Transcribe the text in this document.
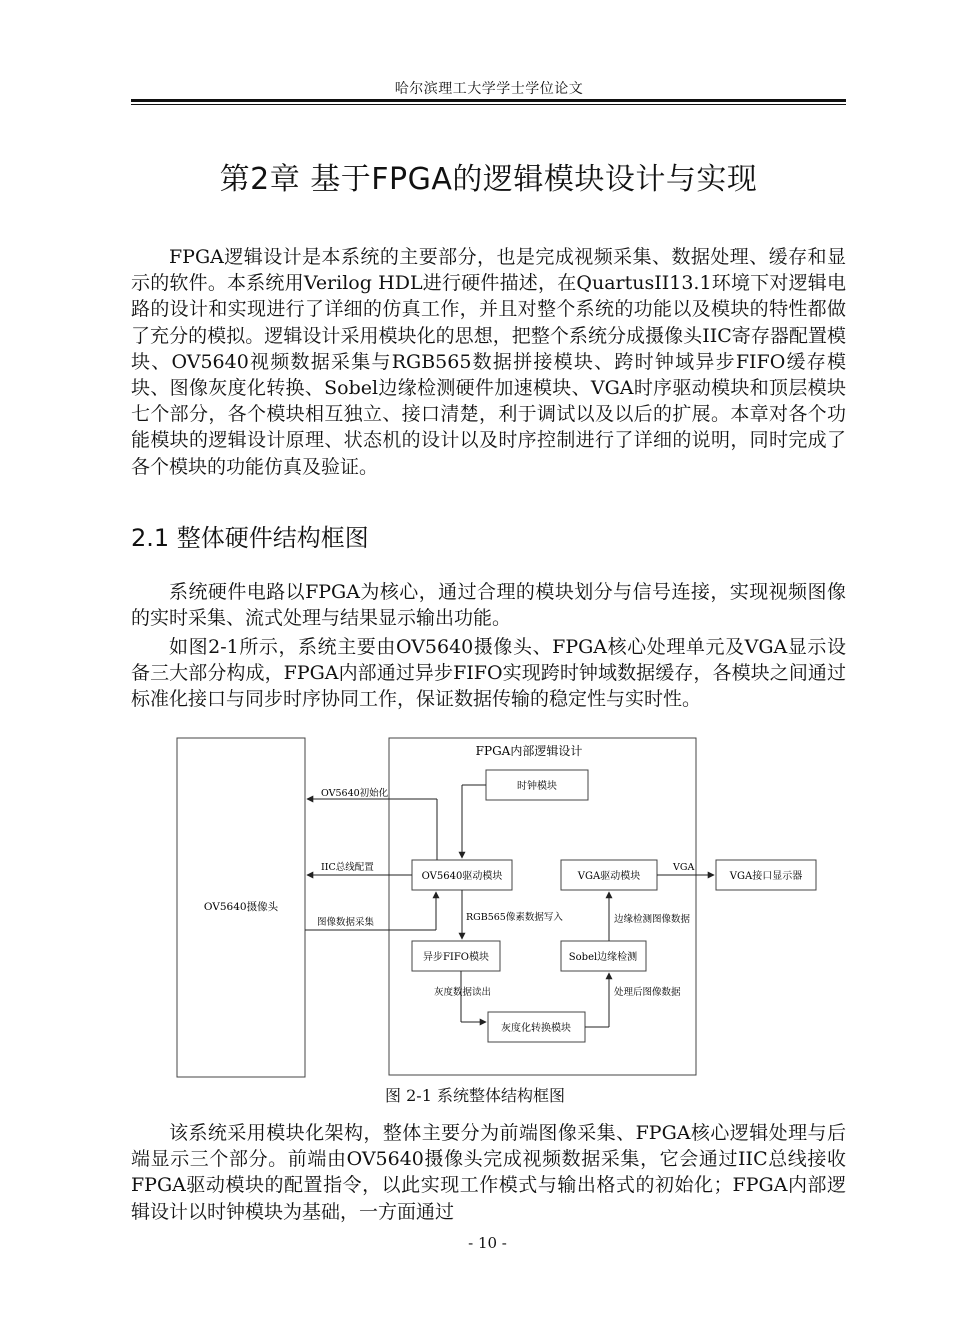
哈尔滨理工大学学士学位论文
第2章 基于FPGA的逻辑模块设计与实现

FPGA逻辑设计是本系统的主要部分，也是完成视频采集、数据处理、缓存和显示的软件。本系统用Verilog HDL进行硬件描述，在QuartusII13.1环境下对逻辑电路的设计和实现进行了详细的仿真工作，并且对整个系统的功能以及模块的特性都做了充分的模拟。逻辑设计采用模块化的思想，把整个系统分成摄像头IIC寄存器配置模块、OV5640视频数据采集与RGB565数据拼接模块、跨时钟域异步FIFO缓存模块、图像灰度化转换、Sobel边缘检测硬件加速模块、VGA时序驱动模块和顶层模块七个部分，各个模块相互独立、接口清楚，利于调试以及以后的扩展。本章对各个功能模块的逻辑设计原理、状态机的设计以及时序控制进行了详细的说明，同时完成了各个模块的功能仿真及验证。

2.1 整体硬件结构框图

系统硬件电路以FPGA为核心，通过合理的模块划分与信号连接，实现视频图像的实时采集、流式处理与结果显示输出功能。

如图2-1所示，系统主要由OV5640摄像头、FPGA核心处理单元及VGA显示设备三大部分构成，FPGA内部通过异步FIFO实现跨时钟域数据缓存，各模块之间通过标准化接口与同步时序协同工作，保证数据传输的稳定性与实时性。

OV5640摄像头
FPGA内部逻辑设计
时钟模块
OV5640驱动模块	VGA驱动模块	VGA接口显示器
异步FIFO模块	Sobel边缘检测
灰度化转换模块
OV5640初始化
IIC总线配置
图像数据采集	RGB565像素数据写入
VGA
边缘检测图像数据
灰度数据读出	处理后图像数据
图 2-1 系统整体结构框图

该系统采用模块化架构，整体主要分为前端图像采集、FPGA核心逻辑处理与后端显示三个部分。前端由OV5640摄像头完成视频数据采集，它会通过IIC总线接收FPGA驱动模块的配置指令，以此实现工作模式与输出格式的初始化；FPGA内部逻辑设计以时钟模块为基础，一方面通过

- 10 -
